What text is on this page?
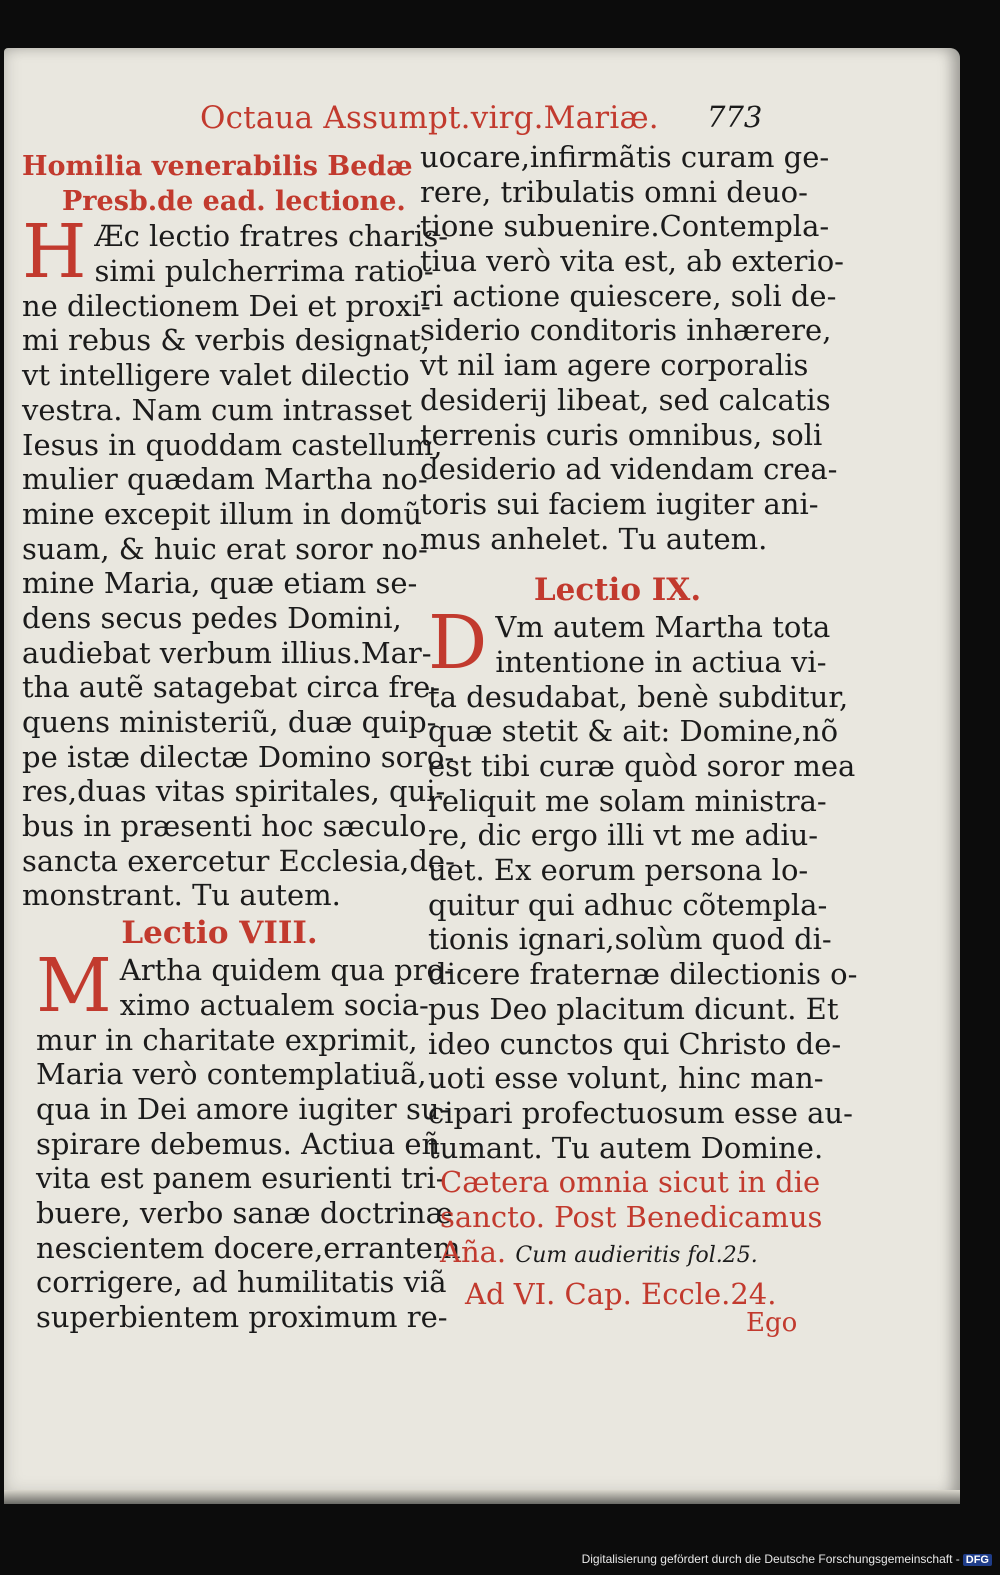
Octaua Assumpt.virg.Mariæ. 773
Homilia venerabilis Bedæ
Presb.de ead. lectione.
H Æc lectio fratres charis-
simi pulcherrima ratio-
ne dilectionem Dei et proxi-
mi rebus & verbis designat,
vt intelligere valet dilectio
vestra. Nam cum intrasset
Iesus in quoddam castellum,
mulier quædam Martha no-
mine excepit illum in domũ
suam, & huic erat soror no-
mine Maria, quæ etiam se-
dens secus pedes Domini,
audiebat verbum illius.Mar-
tha autẽ satagebat circa fre-
quens ministeriũ, duæ quip-
pe istæ dilectæ Domino soro-
res,duas vitas spiritales, qui-
bus in præsenti hoc sæculo
sancta exercetur Ecclesia,de-
monstrant. Tu autem.
Lectio VIII.
M Artha quidem qua pro-
ximo actualem socia-
mur in charitate exprimit,
Maria verò contemplatiuã,
qua in Dei amore iugiter su-
spirare debemus. Actiua eñ
vita est panem esurienti tri-
buere, verbo sanæ doctrinæ
nescientem docere,errantem
corrigere, ad humilitatis viã
superbientem proximum re-
uocare,infirmãtis curam ge-
rere, tribulatis omni deuo-
tione subuenire.Contempla-
tiua verò vita est, ab exterio-
ri actione quiescere, soli de-
siderio conditoris inhærere,
vt nil iam agere corporalis
desiderij libeat, sed calcatis
terrenis curis omnibus, soli
desiderio ad videndam crea-
toris sui faciem iugiter ani-
mus anhelet. Tu autem.
Lectio IX.
D Vm autem Martha tota
intentione in actiua vi-
ta desudabat, benè subditur,
quæ stetit & ait: Domine,nõ
est tibi curæ quòd soror mea
reliquit me solam ministra-
re, dic ergo illi vt me adiu-
uet. Ex eorum persona lo-
quitur qui adhuc cõtempla-
tionis ignari,solùm quod di-
dicere fraternæ dilectionis o-
pus Deo placitum dicunt. Et
ideo cunctos qui Christo de-
uoti esse volunt, hinc man-
cipari profectuosum esse au-
tumant. Tu autem Domine.
Cætera omnia sicut in die
sancto. Post Benedicamus
Aña. Cum audieritis fol.25.
Ad VI. Cap. Eccle.24.
Ego
Digitalisierung gefördert durch die Deutsche Forschungsgemeinschaft - DFG
